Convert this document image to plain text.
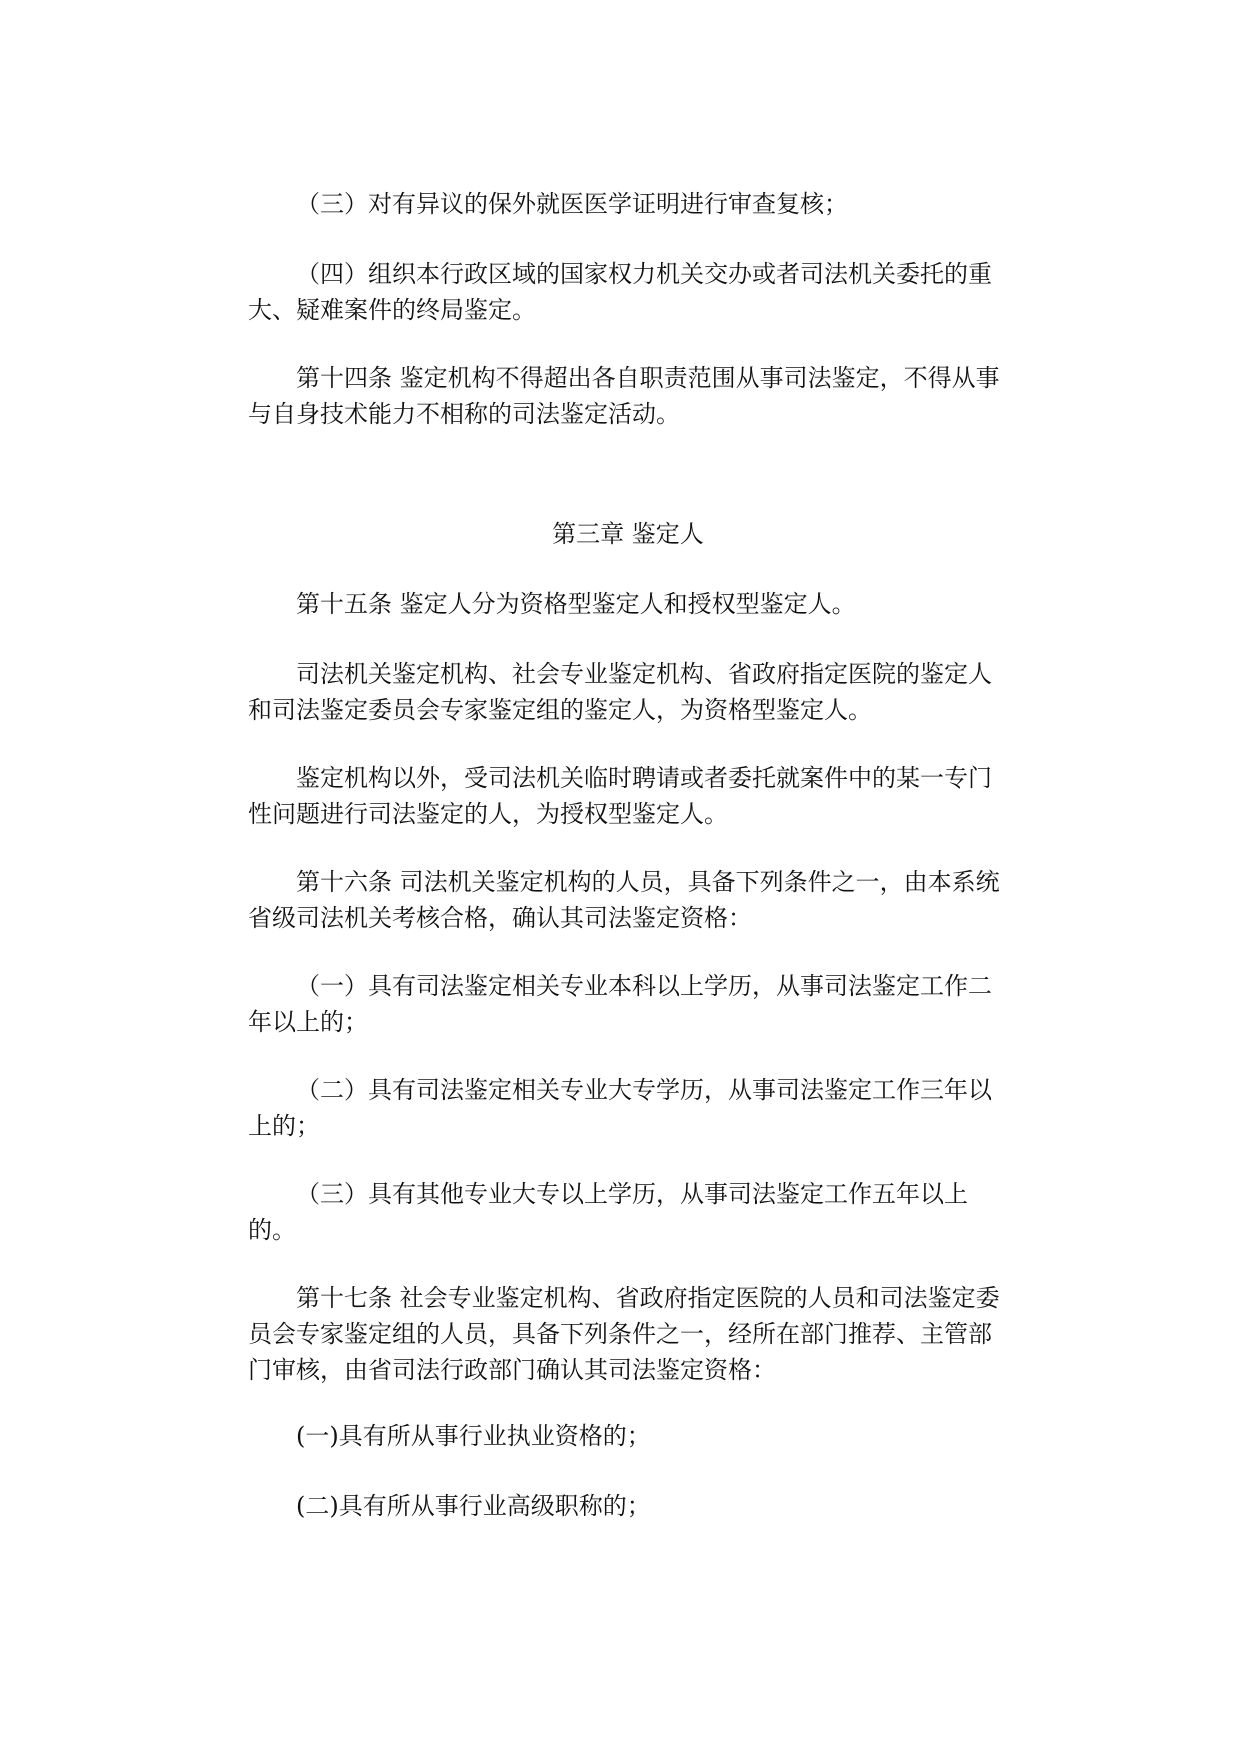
（三）对有异议的保外就医医学证明进行审查复核；

（四）组织本行政区域的国家权力机关交办或者司法机关委托的重大、疑难案件的终局鉴定。

第十四条 鉴定机构不得超出各自职责范围从事司法鉴定，不得从事与自身技术能力不相称的司法鉴定活动。

第三章 鉴定人

第十五条 鉴定人分为资格型鉴定人和授权型鉴定人。

司法机关鉴定机构、社会专业鉴定机构、省政府指定医院的鉴定人和司法鉴定委员会专家鉴定组的鉴定人，为资格型鉴定人。

鉴定机构以外，受司法机关临时聘请或者委托就案件中的某一专门性问题进行司法鉴定的人，为授权型鉴定人。

第十六条 司法机关鉴定机构的人员，具备下列条件之一，由本系统省级司法机关考核合格，确认其司法鉴定资格：

（一）具有司法鉴定相关专业本科以上学历，从事司法鉴定工作二年以上的；

（二）具有司法鉴定相关专业大专学历，从事司法鉴定工作三年以上的；

（三）具有其他专业大专以上学历，从事司法鉴定工作五年以上的。

第十七条 社会专业鉴定机构、省政府指定医院的人员和司法鉴定委员会专家鉴定组的人员，具备下列条件之一，经所在部门推荐、主管部门审核，由省司法行政部门确认其司法鉴定资格：

(一)具有所从事行业执业资格的；

(二)具有所从事行业高级职称的；
